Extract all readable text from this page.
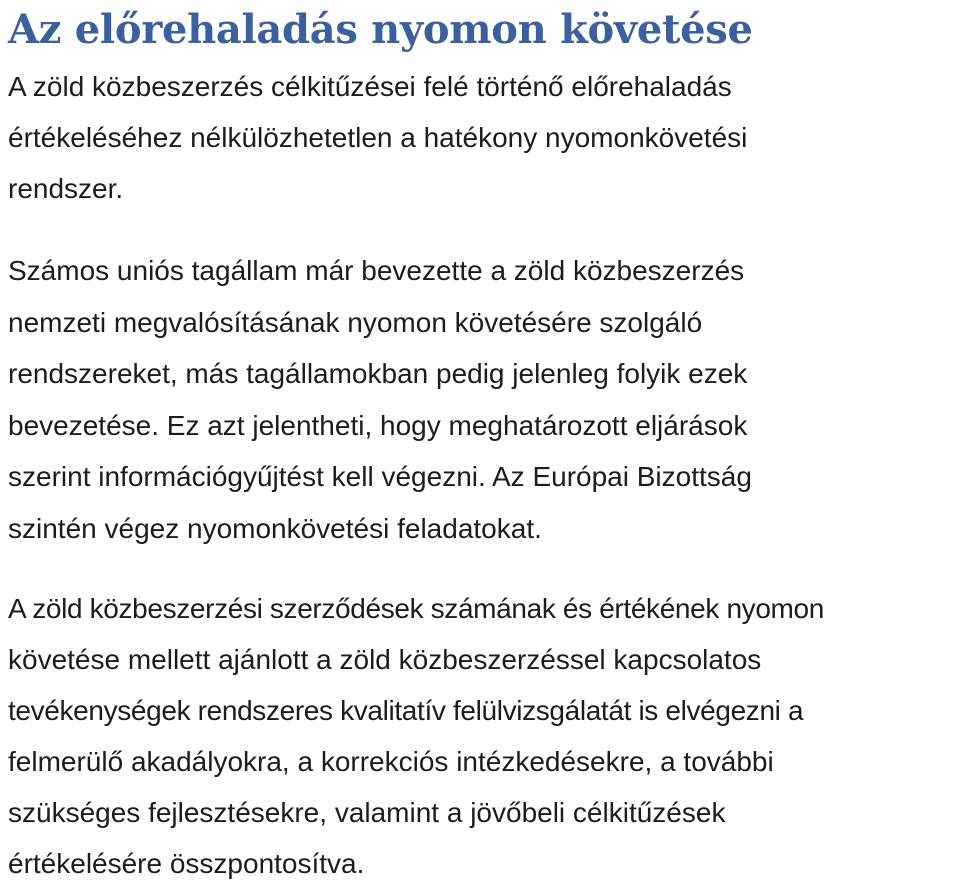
Az előrehaladás nyomon követése

A zöld közbeszerzés célkitűzései felé történő előrehaladás
értékeléséhez nélkülözhetetlen a hatékony nyomonkövetési
rendszer.

Számos uniós tagállam már bevezette a zöld közbeszerzés
nemzeti megvalósításának nyomon követésére szolgáló
rendszereket, más tagállamokban pedig jelenleg folyik ezek
bevezetése. Ez azt jelentheti, hogy meghatározott eljárások
szerint információgyűjtést kell végezni. Az Európai Bizottság
szintén végez nyomonkövetési feladatokat.

A zöld közbeszerzési szerződések számának és értékének nyomon
követése mellett ajánlott a zöld közbeszerzéssel kapcsolatos
tevékenységek rendszeres kvalitatív felülvizsgálatát is elvégezni a
felmerülő akadályokra, a korrekciós intézkedésekre, a további
szükséges fejlesztésekre, valamint a jövőbeli célkitűzések
értékelésére összpontosítva.
